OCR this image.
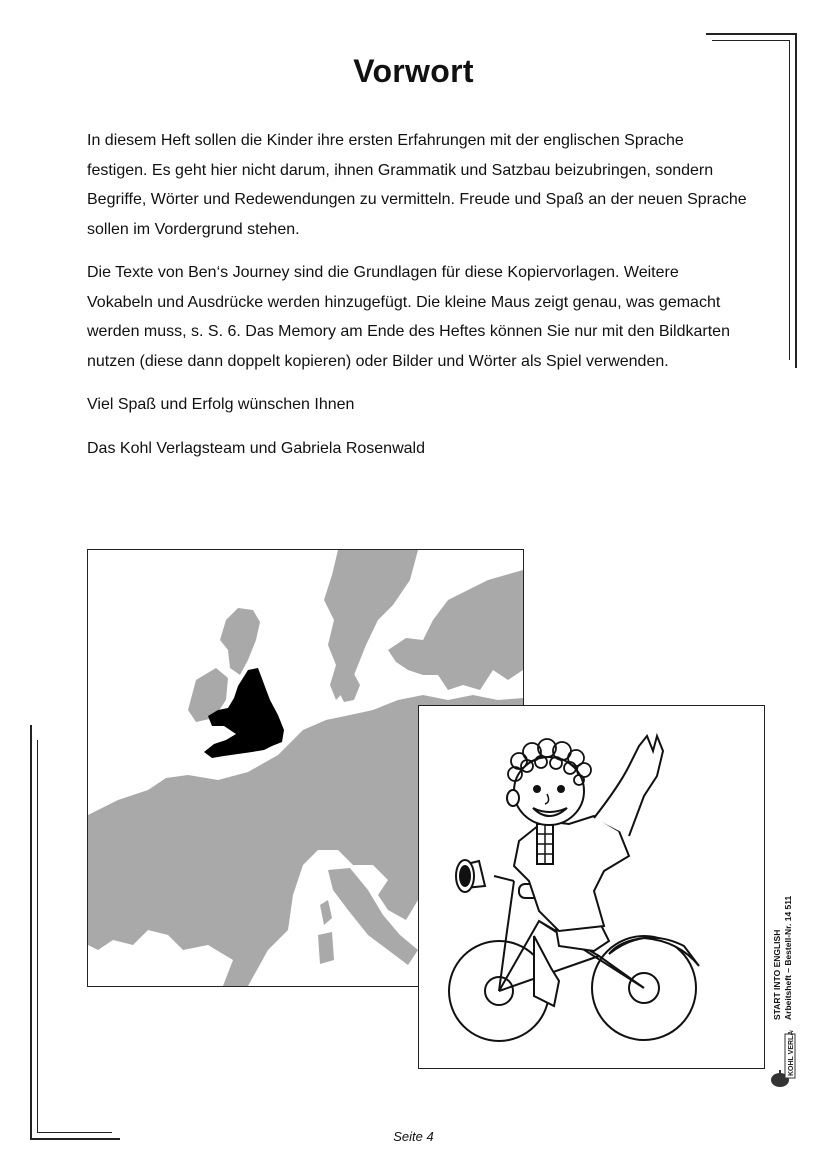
Vorwort

In diesem Heft sollen die Kinder ihre ersten Erfahrungen mit der englischen Sprache festigen. Es geht hier nicht darum, ihnen Grammatik und Satzbau beizubringen, sondern Begriffe, Wörter und Redewendungen zu vermitteln. Freude und Spaß an der neuen Sprache sollen im Vordergrund stehen.

Die Texte von Ben‘s Journey sind die Grundlagen für diese Kopiervorlagen. Weitere Vokabeln und Ausdrücke werden hinzugefügt. Die kleine Maus zeigt genau, was gemacht werden muss, s. S. 6. Das Memory am Ende des Heftes können Sie nur mit den Bildkarten nutzen (diese dann doppelt kopieren) oder Bilder und Wörter als Spiel verwenden.

Viel Spaß und Erfolg wünschen Ihnen

Das Kohl Verlagsteam und Gabriela Rosenwald

START INTO ENGLISH Arbeitsheft – Bestell-Nr. 14 511
KOHL VERLAG
Seite 4
